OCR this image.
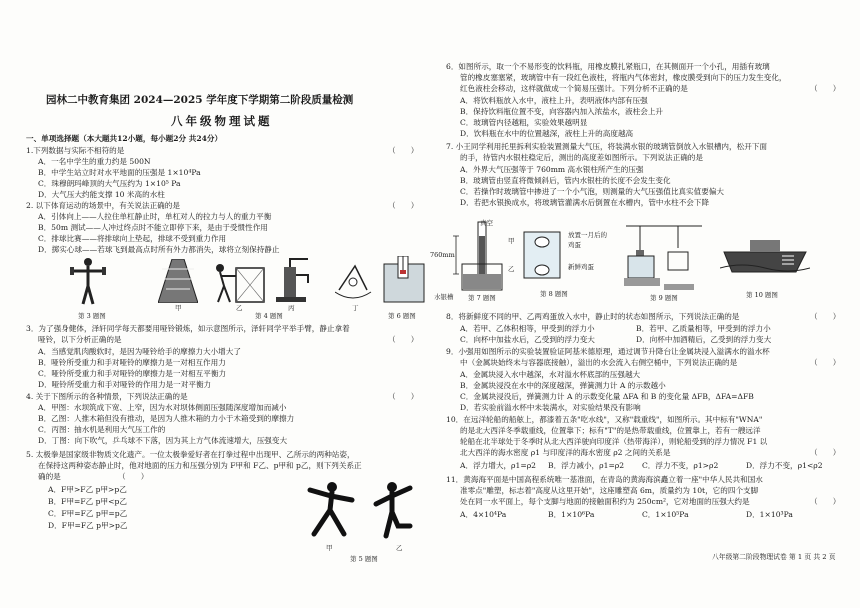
园林二中教育集团 2024—2025 学年度下学期第二阶段质量检测
八年级物理试题
一、单项选择题（本大题共12小题，每小题2分 共24分）
1.下列数据与实际不相符的是	（　　）
A．一名中学生的重力约是 500N
B．中学生站立时对水平地面的压强是 1×10⁴Pa
C．珠穆朗玛峰顶的大气压约为 1×10⁵ Pa
D．大气压大约能支撑 10 米高的水柱
2. 以下体育运动的场景中，有关说法正确的是	（　　）
A．引体向上——人拉住单杠静止时，单杠对人的拉力与人的重力平衡
B．50m 测试——人冲过终点时不能立即停下来，是由于受惯性作用
C．排球比赛——将排球向上垫起，排球不受到重力作用
D．掷实心球——若球飞到最高点时所有外力都消失，球将立刻保持静止
第 3 题图
甲	乙	丙	丁
第 4 题图	第 6 题图
3．为了强身健体，泽轩同学每天都要用哑铃锻炼，如示意图所示，泽轩同学平举手臂，静止拿着
哑铃，以下分析正确的是	（　　）
A．当感觉肌肉酸软时，是因为哑铃给手的摩擦力大小增大了
B．哑铃所受重力和手对哑铃的摩擦力是一对相互作用力
C．哑铃所受重力和手对哑铃的摩擦力是一对相互平衡力
D．哑铃所受重力和手对哑铃的作用力是一对平衡力
4. 关于下图所示的各种情景，下列说法正确的是	（　　）
A．甲图：水坝筑成下宽、上窄，因为水对坝体侧面压强随深度增加而减小
B．乙图：人推木箱但没有推动，是因为人推木箱的力小于木箱受到的摩擦力
C．丙图：抽水机是利用大气压工作的
D．丁图：向下吹气，乒乓球不下落，因为其上方气体流速增大，压强变大
5. 太极拳是国家级非物质文化遗产。一位太极拳爱好者在打拳过程中出现甲、乙所示的两种站姿，
在保持这两种姿态静止时，他对地面的压力和压强分别为 F甲和 F乙、p甲和 p乙，则下列关系正
确的是	（　　）
A．F甲>F乙 p甲>p乙
B．F甲=F乙 p甲<p乙
C．F甲=F乙 p甲=p乙
D．F甲=F乙 p甲>p乙
甲	乙
第 5 题图
6．如图所示，取一个不易形变的饮料瓶，用橡皮膜扎紧瓶口，在其侧面开一个小孔，用插有玻璃
管的橡皮塞塞紧，玻璃管中有一段红色液柱，将瓶内气体密封，橡皮膜受到向下的压力发生变化，
红色液柱会移动，这样就做成一个简易压强计。下列分析不正确的是	（　　）
A．将饮料瓶放入水中，液柱上升，表明液体内部有压强
B．保持饮料瓶位置不变，向容器内加入浓盐水，液柱会上升
C．玻璃管内径越粗，实验效果越明显
D．饮料瓶在水中的位置越深，液柱上升的高度越高
7. 小王同学利用托里拆利实验装置测量大气压，将装满水银的玻璃管倒放入水银槽内，松开下面
的手，待管内水银柱稳定后，测出的高度差如图所示。下列说法正确的是
A．外界大气压强等于 760mm 高水银柱所产生的压强
B．玻璃管由竖直将微倾斜后，管内水银柱的长度不会发生变化
C．若操作时玻璃管中掺进了一个小气泡，则测量的大气压强值比真实值要偏大
D．若把水银换成水，将玻璃管灌满水后倒置在水槽内，管中水柱不会下降
真空
760mm
水银槽 第 7 题图
甲
乙
放置一月后的鸡蛋
新鲜鸡蛋
第 8 题图	第 9 题图	第 10 题图
8．将新鲜度不同的甲、乙两鸡蛋放入水中，静止时的状态如图所示，下列说法正确的是	（　　）
A．若甲、乙体积相等，甲受到的浮力小	B．若甲、乙质量相等，甲受到的浮力小
C．向杯中加盐水后，乙受到的浮力变大	D．向杯中加酒精后，乙受到的浮力变大
9．小强用如图所示的实验装置验证阿基米德原理，通过调节升降台让金属块浸入溢满水的溢水杯
中（金属块始终未与容器底接触），溢出的水会流入右侧空桶中，下列说法正确的是	（　　）
A．金属块浸入水中越深，水对溢水杯底部的压强越大
B．金属块浸没在水中的深度越深，弹簧测力计 A 的示数越小
C．金属块浸没后，弹簧测力计 A 的示数变化量 ΔFA 和 B 的变化量 ΔFB，ΔFA=ΔFB
D．若实验前溢水杯中未装满水，对实验结果没有影响
10．在远洋轮船的船舷上，都漆着五条"吃水线"，又称"载重线"，如图所示。其中标有"WNA"
的是北大西洋冬季载重线，位置靠下；标有"T"的是热带载重线，位置靠上，若有一艘远洋
轮船在北半球处于冬季时从北大西洋驶向印度洋（热带海洋），则轮船受到的浮力情况 F1 以
北大西洋的海水密度 ρ1 与印度洋的海水密度 ρ2 之间的关系是	（　　）
A．浮力增大，ρ1=ρ2 B．浮力减小，ρ1=ρ2 C．浮力不变，ρ1>ρ2	D．浮力不变，ρ1<ρ2
11．黄海海平面是中国高程系统唯一基准面，在青岛的黄海海滨矗立着一座"中华人民共和国水
准零点"雕塑，标志着"高度从这里开始"，这座雕塑高 6m，质量约为 10t，它的四个支脚
处在同一水平面上，每个支脚与地面的接触面积约为 250cm²，它对地面的压强大约是	（　　）
A．4×10⁴Pa	B．1×10⁶Pa	C．1×10⁵Pa	D．1×10³Pa
八年级第二阶段物理试卷 第 1 页 共 2 页
